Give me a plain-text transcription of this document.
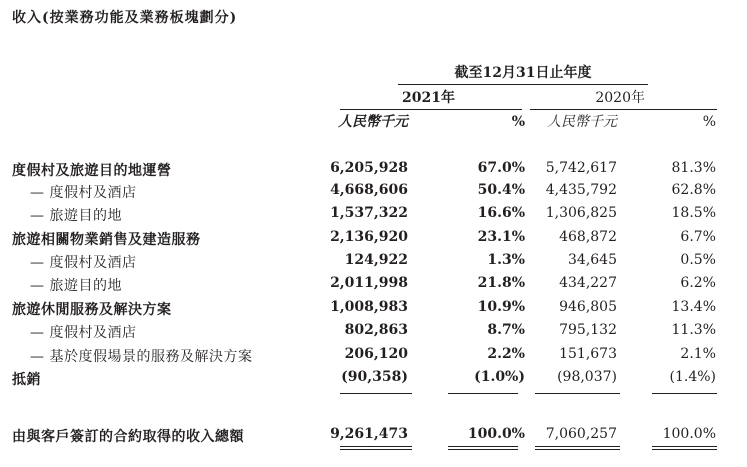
收入(按業務功能及業務板塊劃分)
截至12月31日止年度
2021年	2020年
人民幣千元	% 人民幣千元	%
度假村及旅遊目的地運營	6,205,928	67.0% 5,742,617	81.3%
— 度假村及酒店	4,668,606	50.4% 4,435,792	62.8%
— 旅遊目的地	1,537,322	16.6% 1,306,825	18.5%
旅遊相關物業銷售及建造服務	2,136,920	23.1% 468,872	6.7%
— 度假村及酒店	124,922	1.3%	34,645	0.5%
— 旅遊目的地	2,011,998	21.8% 434,227	6.2%
旅遊休閒服務及解決方案	1,008,983	10.9% 946,805	13.4%
— 度假村及酒店	802,863	8.7% 795,132	11.3%
— 基於度假場景的服務及解決方案	206,120	2.2% 151,673	2.1%
抵銷	(90,358)	(1.0%) (98,037)	(1.4%)
由與客戶簽訂的合約取得的收入總額	9,261,473	100.0% 7,060,257	100.0%
